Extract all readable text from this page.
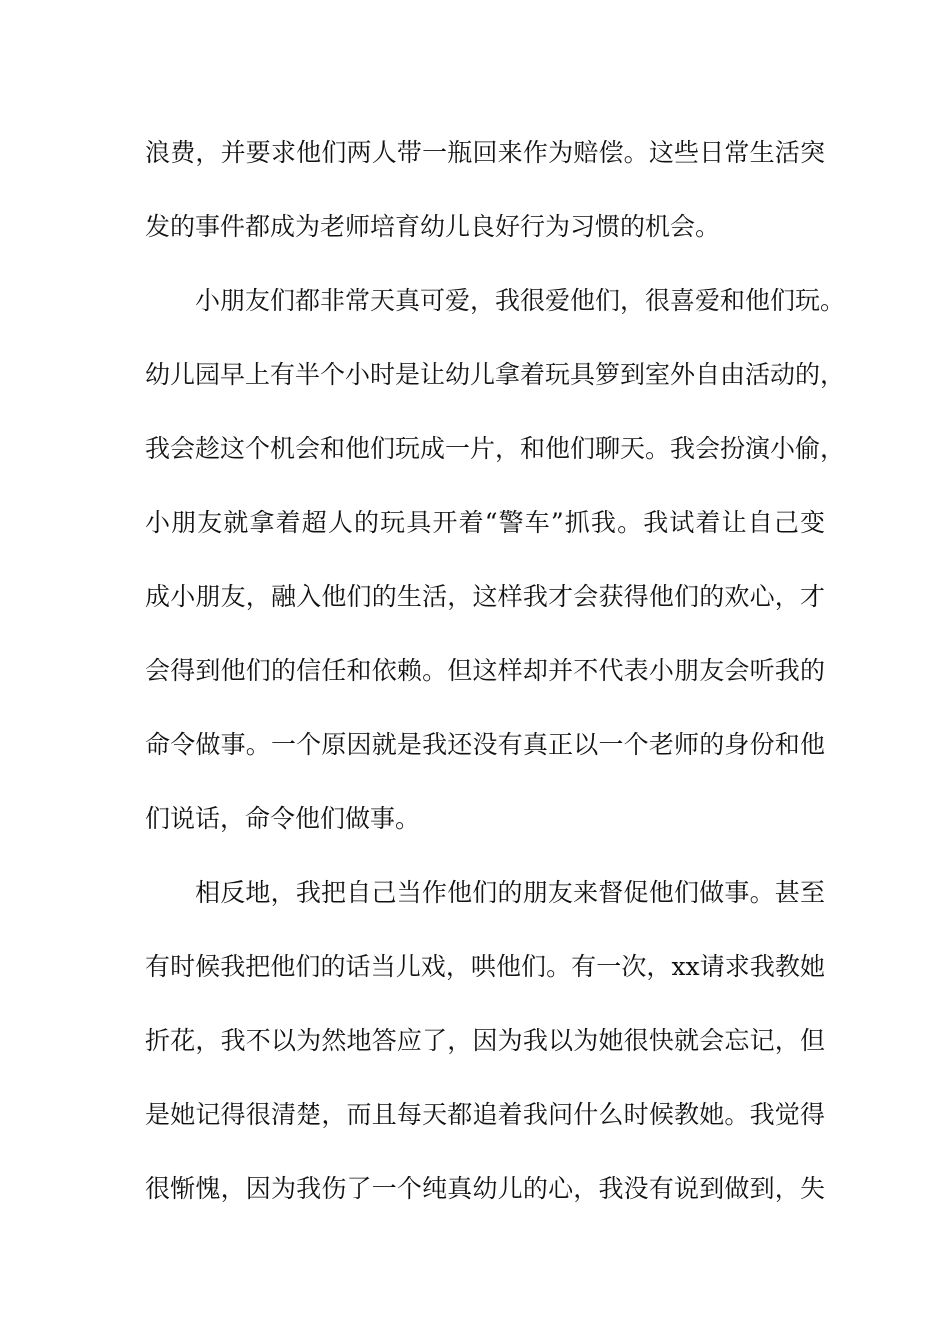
浪费，并要求他们两人带一瓶回来作为赔偿。这些日常生活突
发的事件都成为老师培育幼儿良好行为习惯的机会。
小朋友们都非常天真可爱，我很爱他们，很喜爱和他们玩。
幼儿园早上有半个小时是让幼儿拿着玩具箩到室外自由活动的，
我会趁这个机会和他们玩成一片，和他们聊天。我会扮演小偷，
小朋友就拿着超人的玩具开着“警车”抓我。我试着让自己变
成小朋友，融入他们的生活，这样我才会获得他们的欢心，才
会得到他们的信任和依赖。但这样却并不代表小朋友会听我的
命令做事。一个原因就是我还没有真正以一个老师的身份和他
们说话，命令他们做事。
相反地，我把自己当作他们的朋友来督促他们做事。甚至
有时候我把他们的话当儿戏，哄他们。有一次，xx请求我教她
折花，我不以为然地答应了，因为我以为她很快就会忘记，但
是她记得很清楚，而且每天都追着我问什么时候教她。我觉得
很惭愧，因为我伤了一个纯真幼儿的心，我没有说到做到，失
